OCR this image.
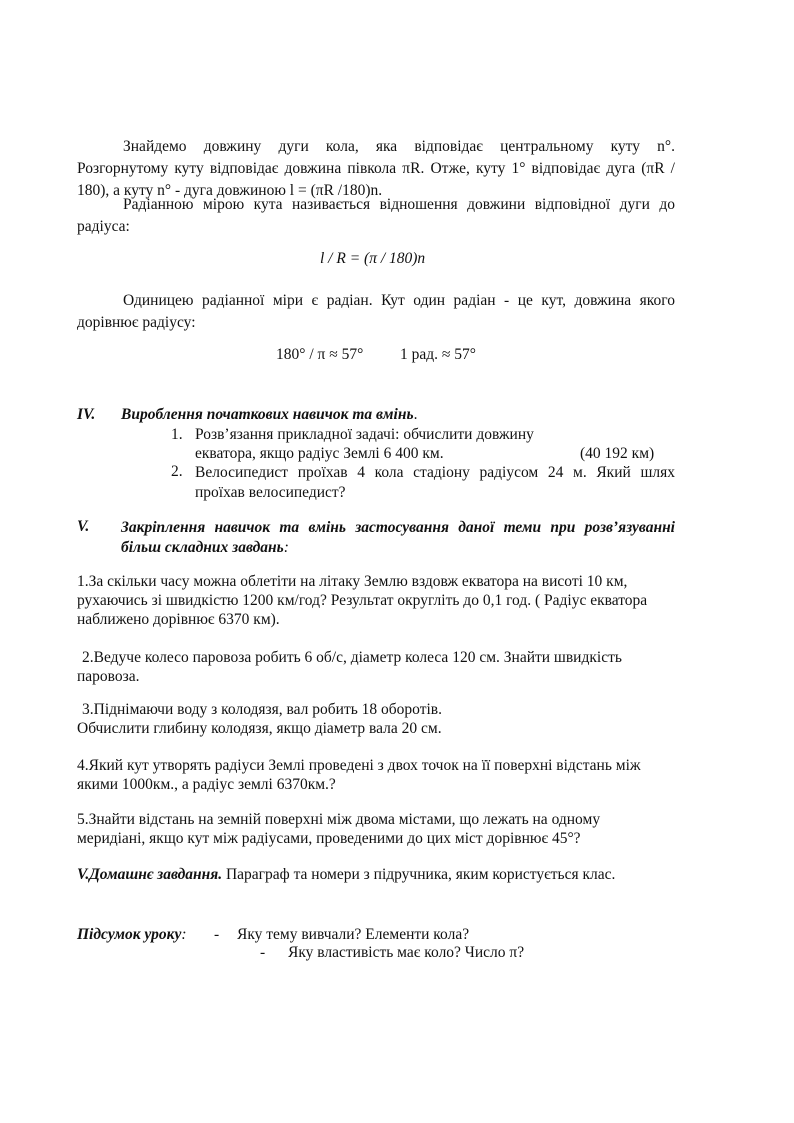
Знайдемо довжину дуги кола, яка відповідає центральному куту n°.
Розгорнутому куту відповідає довжина півкола πR. Отже, куту 1° відповідає дуга (πR /
180), а куту n° - дуга довжиною l = (πR /180)n.
Радіанною мірою кута називається відношення довжини відповідної дуги до
радіуса:
l / R = (π / 180)n
Одиницею радіанної міри є радіан. Кут один радіан - це кут, довжина якого
дорівнює радіусу:
180° / π ≈ 57° 1 рад. ≈ 57°
IV. Вироблення початкових навичок та вмінь.
1. Розв’язання прикладної задачі: обчислити довжину
екватора, якщо радіус Землі 6 400 км.	(40 192 км)
2. Велосипедист проїхав 4 кола стадіону радіусом 24 м. Який шлях
проїхав велосипедист?
V. Закріплення навичок та вмінь застосування даної теми при розв’язуванні
більш складних завдань:
1.За скільки часу можна облетіти на літаку Землю вздовж екватора на висоті 10 км,
рухаючись зі швидкістю 1200 км/год? Результат округліть до 0,1 год. ( Радіус екватора
наближено дорівнює 6370 км).
2.Ведуче колесо паровоза робить 6 об/с, діаметр колеса 120 см. Знайти швидкість
паровоза.
3.Піднімаючи воду з колодязя, вал робить 18 оборотів.
Обчислити глибину колодязя, якщо діаметр вала 20 см.
4.Який кут утворять радіуси Землі проведені з двох точок на її поверхні відстань між
якими 1000км., а радіус землі 6370км.?
5.Знайти відстань на земній поверхні між двома містами, що лежать на одному
меридіані, якщо кут між радіусами, проведеними до цих міст дорівнює 45°?
V.Домашнє завдання. Параграф та номери з підручника, яким користується клас.
Підсумок уроку: - Яку тему вивчали? Елементи кола?
- Яку властивість має коло? Число π?
